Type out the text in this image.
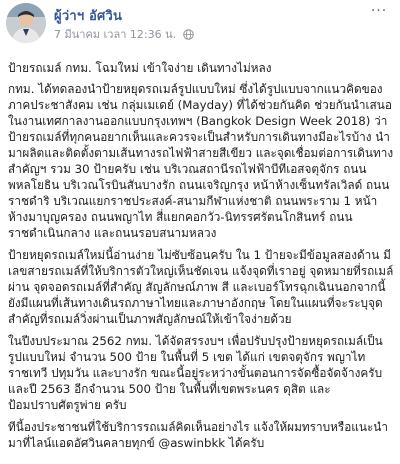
ผู้ว่าฯ อัศวิน
7 มีนาคม เวลา 12:36 น.
···

ป้ายรถเมล์ กทม. โฉมใหม่ เข้าใจง่าย เดินทางไม่หลง

กทม. ได้ทดลองนำป้ายหยุดรถเมล์รูปแบบใหม่ ซึ่งได้รูปแบบจากแนวคิดของภาคประชาสังคม เช่น กลุ่มเมเดย์ (Mayday) ที่ได้ช่วยกันคิด ช่วยกันนำเสนอ ในงานเทศกาลงานออกแบบกรุงเทพฯ (Bangkok Design Week 2018) ว่าป้ายรถเมล์ที่ทุกคนอยากเห็นและควรจะเป็นสำหรับการเดินทางมีอะไรบ้าง นำมาผลิตและติดตั้งตามเส้นทางรถไฟฟ้าสายสีเขียว และจุดเชื่อมต่อการเดินทางสำคัญฯ รวม 30 ป้ายครับ เช่น บริเวณสถานีรถไฟฟ้าบีทีเอสจตุจักร ถนนพหลโยธิน บริเวณโรบินสันบางรัก ถนนเจริญกรุง หน้าห้างเซ็นทรัลเวิลด์ ถนนราชดำริ บริเวณแยกราชประสงค์-สนามกีฬาแห่งชาติ ถนนพระราม 1 หน้าห้างมาบุญครอง ถนนพญาไท สี่แยกคอกวัว-นิทรรศรัตนโกสินทร์ ถนนราชดำเนินกลาง และถนนรอบสนามหลวง

ป้ายหยุดรถเมล์ใหม่นี้อ่านง่าย ไม่ซับซ้อนครับ ใน 1 ป้ายจะมีข้อมูลสองด้าน มีเลขสายรถเมล์ที่ให้บริการตัวใหญ่เห็นชัดเจน แจ้งจุดที่เราอยู่ จุดหมายที่รถเมล์ผ่าน จุดจอดรถเมล์ที่สำคัญ สัญลักษณ์ภาพ สี และเบอร์โทรฉุกเฉินนอกจากนี้ยังมีแผนที่เส้นทางเดินรถภาษาไทยและภาษาอังกฤษ โดยในแผนที่จะระบุจุดสำคัญที่รถเมล์วิ่งผ่านเป็นภาพสัญลักษณ์ให้เข้าใจง่ายด้วย

ในปีงบประมาณ 2562 กทม. ได้จัดสรรงบฯ เพื่อปรับปรุงป้ายหยุดรถเมล์เป็นรูปแบบใหม่ จำนวน 500 ป้าย ในพื้นที่ 5 เขต ได้แก่ เขตจตุจักร พญาไท ราชเทวี ปทุมวัน และบางรัก ขณะนี้อยู่ระหว่างขั้นตอนการจัดซื้อจัดจ้างครับ และปี 2563 อีกจำนวน 500 ป้าย ในพื้นที่เขตพระนคร ดุสิต และป้อมปราบศัตรูพ่าย ครับ

ทีนี้องประชาชนที่ใช้บริการรถเมล์คิดเห็นอย่างไร แจ้งให้ผมทราบหรือแนะนำมาที่ไลน์แอดอัศวินคลายทุกข์ @aswinbkk ได้ครับ
